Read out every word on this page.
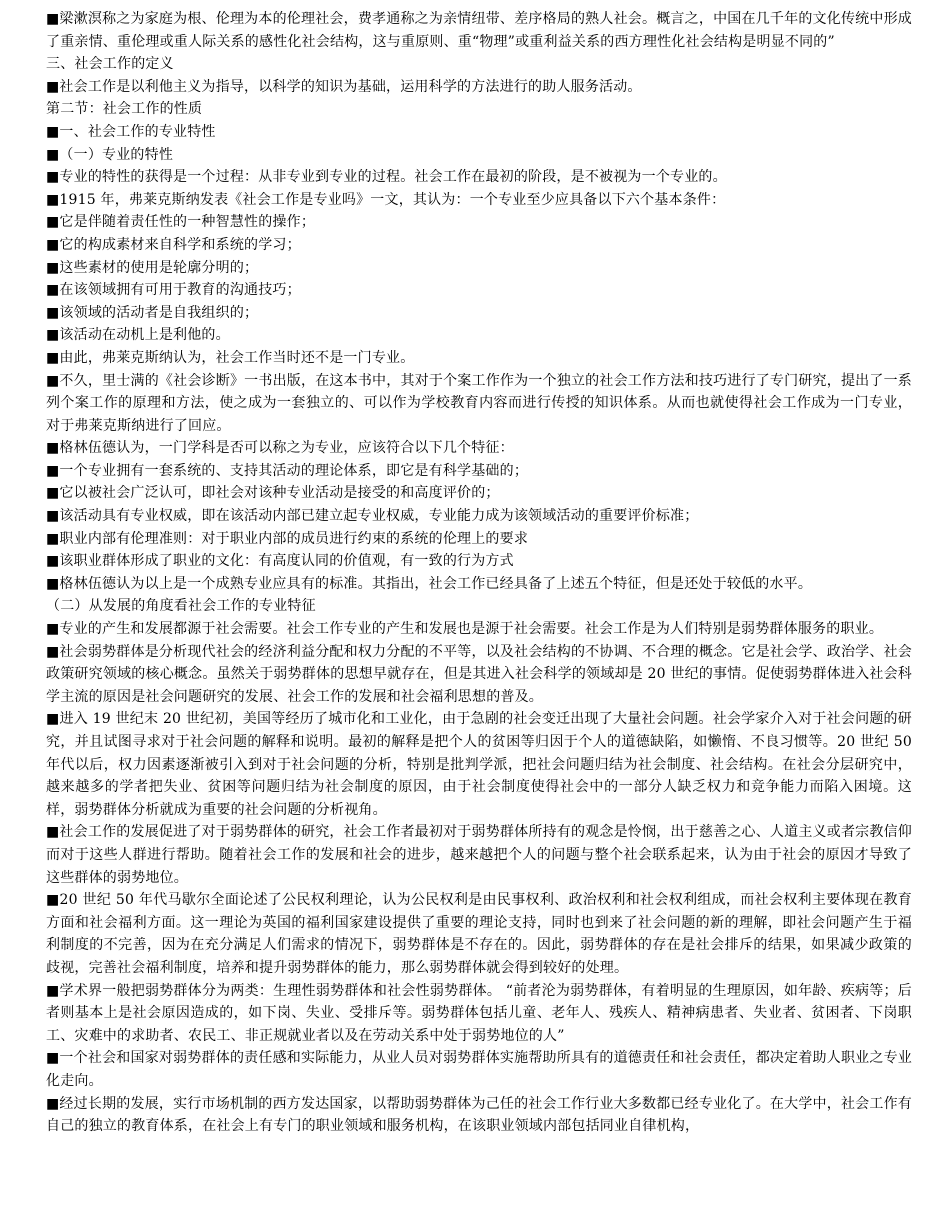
■梁漱溟称之为家庭为根、伦理为本的伦理社会，费孝通称之为亲情纽带、差序格局的熟人社会。概言之，中国在几千年的文化传统中形成了重亲情、重伦理或重人际关系的感性化社会结构，这与重原则、重“物理”或重利益关系的西方理性化社会结构是明显不同的”

三、社会工作的定义

■社会工作是以利他主义为指导，以科学的知识为基础，运用科学的方法进行的助人服务活动。

第二节：社会工作的性质

■一、社会工作的专业特性

■（一）专业的特性

■专业的特性的获得是一个过程：从非专业到专业的过程。社会工作在最初的阶段，是不被视为一个专业的。

■1915 年，弗莱克斯纳发表《社会工作是专业吗》一文，其认为：一个专业至少应具备以下六个基本条件：

■它是伴随着责任性的一种智慧性的操作；

■它的构成素材来自科学和系统的学习；

■这些素材的使用是轮廓分明的；

■在该领域拥有可用于教育的沟通技巧；

■该领域的活动者是自我组织的；

■该活动在动机上是利他的。

■由此，弗莱克斯纳认为，社会工作当时还不是一门专业。

■不久，里士满的《社会诊断》一书出版，在这本书中，其对于个案工作作为一个独立的社会工作方法和技巧进行了专门研究，提出了一系列个案工作的原理和方法，使之成为一套独立的、可以作为学校教育内容而进行传授的知识体系。从而也就使得社会工作成为一门专业，对于弗莱克斯纳进行了回应。

■格林伍德认为，一门学科是否可以称之为专业，应该符合以下几个特征：

■一个专业拥有一套系统的、支持其活动的理论体系，即它是有科学基础的；

■它以被社会广泛认可，即社会对该种专业活动是接受的和高度评价的；

■该活动具有专业权威，即在该活动内部已建立起专业权威，专业能力成为该领域活动的重要评价标准；

■职业内部有伦理准则：对于职业内部的成员进行约束的系统的伦理上的要求

■该职业群体形成了职业的文化：有高度认同的价值观，有一致的行为方式

■格林伍德认为以上是一个成熟专业应具有的标准。其指出，社会工作已经具备了上述五个特征，但是还处于较低的水平。

（二）从发展的角度看社会工作的专业特征

■专业的产生和发展都源于社会需要。社会工作专业的产生和发展也是源于社会需要。社会工作是为人们特别是弱势群体服务的职业。

■社会弱势群体是分析现代社会的经济利益分配和权力分配的不平等，以及社会结构的不协调、不合理的概念。它是社会学、政治学、社会政策研究领域的核心概念。虽然关于弱势群体的思想早就存在，但是其进入社会科学的领域却是 20 世纪的事情。促使弱势群体进入社会科学主流的原因是社会问题研究的发展、社会工作的发展和社会福利思想的普及。

■进入 19 世纪末 20 世纪初，美国等经历了城市化和工业化，由于急剧的社会变迁出现了大量社会问题。社会学家介入对于社会问题的研究，并且试图寻求对于社会问题的解释和说明。最初的解释是把个人的贫困等归因于个人的道德缺陷，如懒惰、不良习惯等。20 世纪 50 年代以后，权力因素逐渐被引入到对于社会问题的分析，特别是批判学派，把社会问题归结为社会制度、社会结构。在社会分层研究中，越来越多的学者把失业、贫困等问题归结为社会制度的原因，由于社会制度使得社会中的一部分人缺乏权力和竞争能力而陷入困境。这样，弱势群体分析就成为重要的社会问题的分析视角。

■社会工作的发展促进了对于弱势群体的研究，社会工作者最初对于弱势群体所持有的观念是怜悯，出于慈善之心、人道主义或者宗教信仰而对于这些人群进行帮助。随着社会工作的发展和社会的进步，越来越把个人的问题与整个社会联系起来，认为由于社会的原因才导致了这些群体的弱势地位。

■20 世纪 50 年代马歇尔全面论述了公民权利理论，认为公民权利是由民事权利、政治权利和社会权利组成，而社会权利主要体现在教育方面和社会福利方面。这一理论为英国的福利国家建设提供了重要的理论支持，同时也到来了社会问题的新的理解，即社会问题产生于福利制度的不完善，因为在充分满足人们需求的情况下，弱势群体是不存在的。因此，弱势群体的存在是社会排斥的结果，如果减少政策的歧视，完善社会福利制度，培养和提升弱势群体的能力，那么弱势群体就会得到较好的处理。

■学术界一般把弱势群体分为两类：生理性弱势群体和社会性弱势群体。 “前者沦为弱势群体，有着明显的生理原因，如年龄、疾病等；后者则基本上是社会原因造成的，如下岗、失业、受排斥等。弱势群体包括儿童、老年人、残疾人、精神病患者、失业者、贫困者、下岗职工、灾难中的求助者、农民工、非正规就业者以及在劳动关系中处于弱势地位的人”

■一个社会和国家对弱势群体的责任感和实际能力，从业人员对弱势群体实施帮助所具有的道德责任和社会责任，都决定着助人职业之专业化走向。

■经过长期的发展，实行市场机制的西方发达国家，以帮助弱势群体为己任的社会工作行业大多数都已经专业化了。在大学中，社会工作有自己的独立的教育体系，在社会上有专门的职业领域和服务机构，在该职业领域内部包括同业自律机构，
